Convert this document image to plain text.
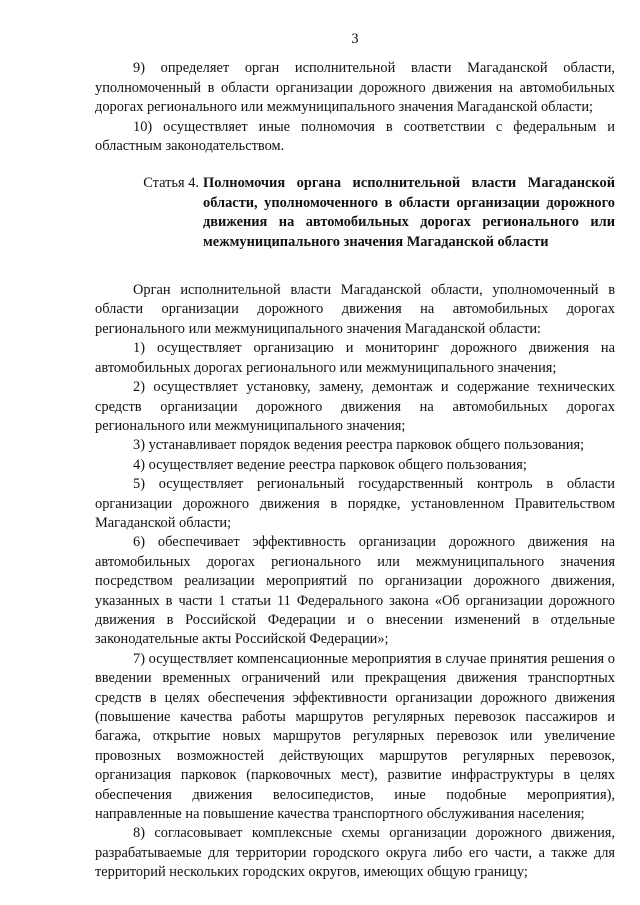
3

9) определяет орган исполнительной власти Магаданской области, уполномоченный в области организации дорожного движения на автомобильных дорогах регионального или межмуниципального значения Магаданской области;

10) осуществляет иные полномочия в соответствии с федеральным и областным законодательством.

Статья 4. Полномочия органа исполнительной власти Магаданской области, уполномоченного в области организации дорожного движения на автомобильных дорогах регионального или межмуниципального значения Магаданской области

Орган исполнительной власти Магаданской области, уполномоченный в области организации дорожного движения на автомобильных дорогах регионального или межмуниципального значения Магаданской области:

1) осуществляет организацию и мониторинг дорожного движения на автомобильных дорогах регионального или межмуниципального значения;

2) осуществляет установку, замену, демонтаж и содержание технических средств организации дорожного движения на автомобильных дорогах регионального или межмуниципального значения;

3) устанавливает порядок ведения реестра парковок общего пользования;

4) осуществляет ведение реестра парковок общего пользования;

5) осуществляет региональный государственный контроль в области организации дорожного движения в порядке, установленном Правительством Магаданской области;

6) обеспечивает эффективность организации дорожного движения на автомобильных дорогах регионального или межмуниципального значения посредством реализации мероприятий по организации дорожного движения, указанных в части 1 статьи 11 Федерального закона «Об организации дорожного движения в Российской Федерации и о внесении изменений в отдельные законодательные акты Российской Федерации»;

7) осуществляет компенсационные мероприятия в случае принятия решения о введении временных ограничений или прекращения движения транспортных средств в целях обеспечения эффективности организации дорожного движения (повышение качества работы маршрутов регулярных перевозок пассажиров и багажа, открытие новых маршрутов регулярных перевозок или увеличение провозных возможностей действующих маршрутов регулярных перевозок, организация парковок (парковочных мест), развитие инфраструктуры в целях обеспечения движения велосипедистов, иные подобные мероприятия), направленные на повышение качества транспортного обслуживания населения;

8) согласовывает комплексные схемы организации дорожного движения, разрабатываемые для территории городского округа либо его части, а также для территорий нескольких городских округов, имеющих общую границу;
